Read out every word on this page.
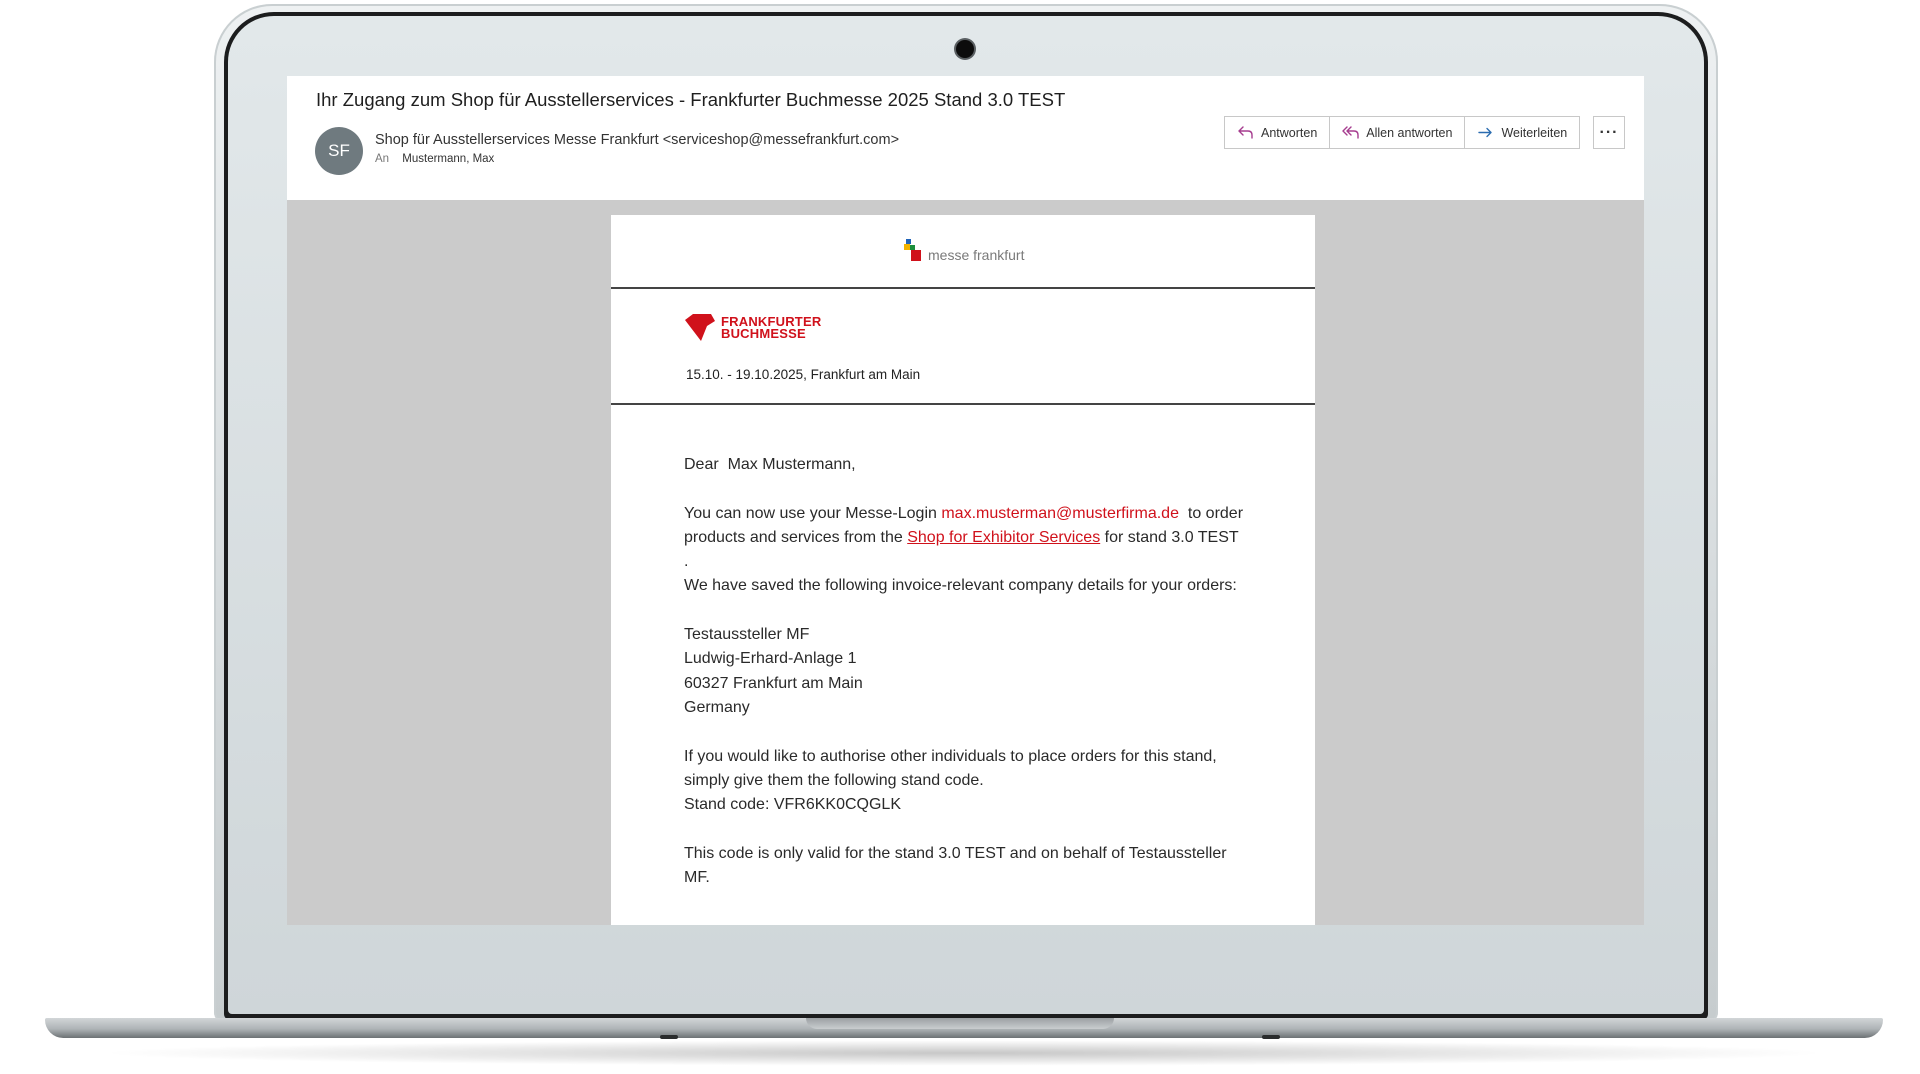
Ihr Zugang zum Shop für Ausstellerservices - Frankfurter Buchmesse 2025 Stand 3.0 TEST
SF
Shop für Ausstellerservices Messe Frankfurt <serviceshop@messefrankfurt.com>
An Mustermann, Max
Antworten	Allen antworten	Weiterleiten	···
messe frankfurt
FRANKFURTER
BUCHMESSE
15.10. - 19.10.2025, Frankfurt am Main

Dear  Max Mustermann,

You can now use your Messe-Login max.musterman@musterfirma.de  to order products and services from the Shop for Exhibitor Services for stand 3.0 TEST .

We have saved the following invoice-relevant company details for your orders:

Testaussteller MF

Ludwig-Erhard-Anlage 1

60327 Frankfurt am Main

Germany

If you would like to authorise other individuals to place orders for this stand, simply give them the following stand code.

Stand code: VFR6KK0CQGLK

This code is only valid for the stand 3.0 TEST and on behalf of Testaussteller MF.
